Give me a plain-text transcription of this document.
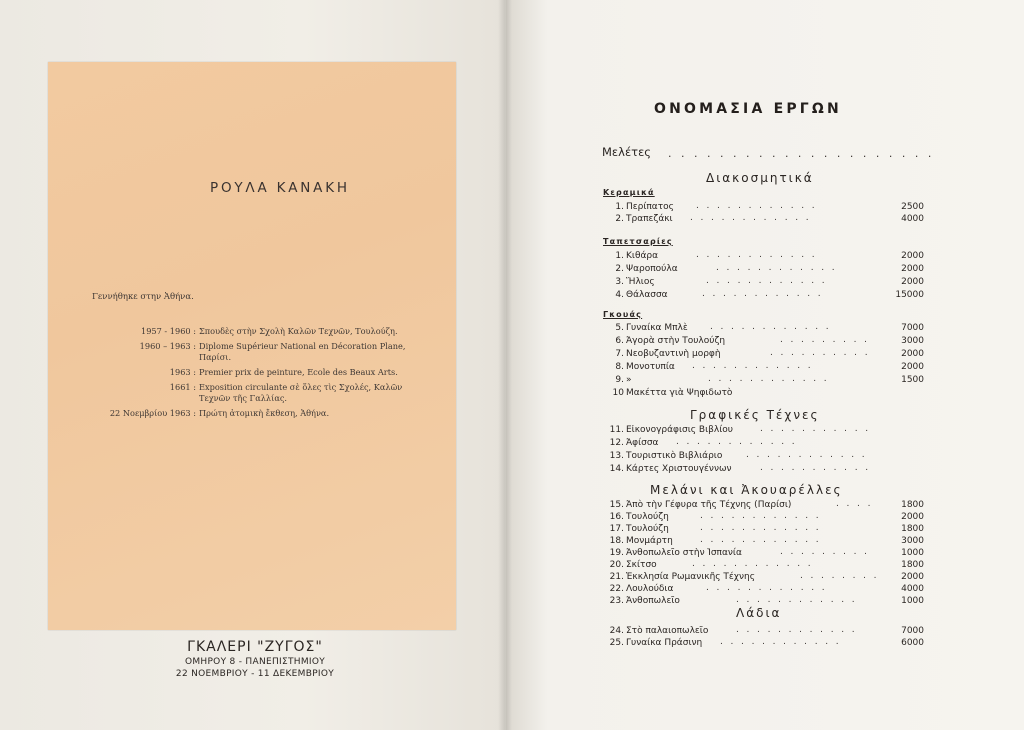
ΡΟΥΛΑ ΚΑΝΑΚΗ
Γεννήθηκε στην Ἀθήνα.
1957 - 1960 : Σπουδὲς στὴν Σχολὴ Καλῶν Τεχνῶν, Τουλούζη.
1960 – 1963 : Diplome Supérieur National en Décoration Plane, Παρίσι.
1963 : Premier prix de peinture, Ecole des Beaux Arts.
1661 : Exposition circulante σὲ ὅλες τὶς Σχολές, Καλῶν Τεχνῶν τῆς Γαλλίας.
22 Νοεμβρίου 1963 : Πρώτη ἀτομικὴ ἔκθεση, Ἀθήνα.
ΓΚΑΛΕΡΙ "ΖΥΓΟΣ"
ΟΜΗΡΟΥ 8 - ΠΑΝΕΠΙΣΤΗΜΙΟΥ
22 ΝΟΕΜΒΡΙΟΥ - 11 ΔΕΚΕΜΒΡΙΟΥ
ΟΝΟΜΑΣΙΑ ΕΡΓΩΝ
Μελέτες . . . . . . . . . . . . . . . . . . . . .
Διακοσμητικά
Κεραμικά
Ταπετσαρίες
Γκουάς
Γραφικές Τέχνες
Μελάνι και Ἀκουαρέλλες
Λάδια
1. Περίπατος	2500
. . . . . . . . . . . .
2. Τραπεζάκι	4000
. . . . . . . . . . . .
1. Κιθάρα	2000
. . . . . . . . . . . .
2. Ψαροπούλα	2000
. . . . . . . . . . . .
3. Ἥλιος	2000
. . . . . . . . . . . .
4. Θάλασσα	15000
. . . . . . . . . . . .
5. Γυναίκα Μπλὲ	7000
. . . . . . . . . . . .
6. Ἀγορὰ στὴν Τουλούζη	3000
. . . . . . . . .
7. Νεοβυζαντινὴ μορφὴ	2000
. . . . . . . . . .
8. Μονοτυπία	2000
. . . . . . . . . . . .
9. »	1500
. . . . . . . . . . . .
10 Μακέττα γιὰ Ψηφιδωτὸ
11. Εἰκονογράφισις Βιβλίου	. . . . . . . . . . .
12. Ἀφίσσα . . . . . . . . . . . .
13. Τουριστικὸ Βιβλιάριο	. . . . . . . . . . . .
14. Κάρτες Χριστουγέννων	. . . . . . . . . . .
15. Ἀπὸ τὴν Γέφυρα τῆς Τέχνης (Παρίσι)	1800
. . . .
16. Τουλούζη	2000
. . . . . . . . . . . .
17. Τουλούζη	1800
. . . . . . . . . . . .
18. Μονμάρτη	3000
. . . . . . . . . . . .
19. Ἀνθοπωλεῖο στὴν Ἱσπανία	1000
. . . . . . . . .
20. Σκίτσο	1800
. . . . . . . . . . . .
21. Ἐκκλησία Ρωμανικῆς Τέχνης	2000
. . . . . . . .
22. Λουλούδια	4000
. . . . . . . . . . . .
23. Ἀνθοπωλεῖο	1000
. . . . . . . . . . . .
24. Στὸ παλαιοπωλεῖο	7000
. . . . . . . . . . . .
25. Γυναίκα Πράσινη	6000
. . . . . . . . . . . .
